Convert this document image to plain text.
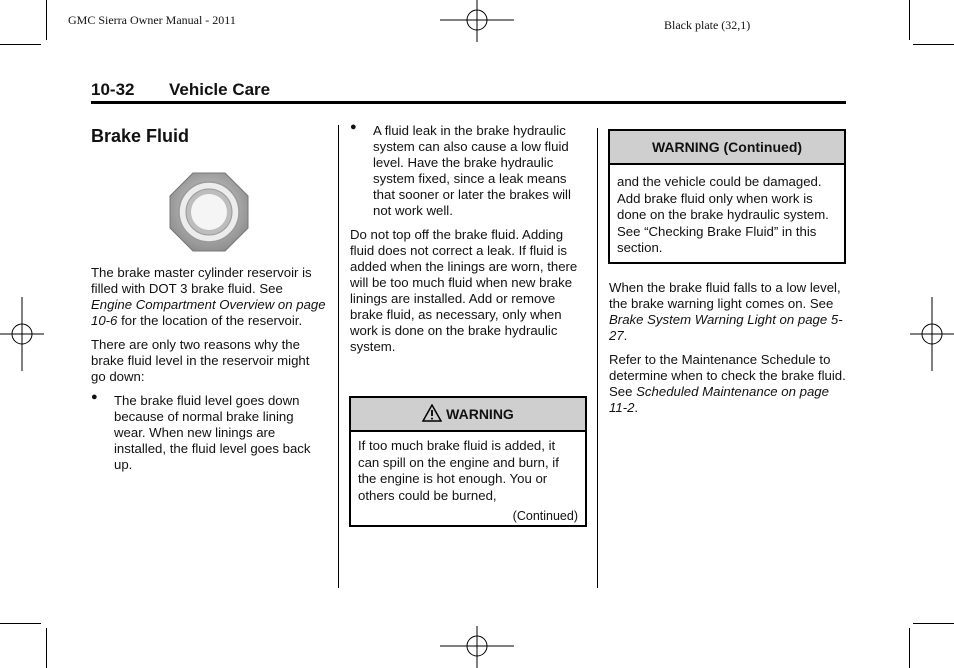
GMC Sierra Owner Manual - 2011	Black plate (32,1)
10-32 Vehicle Care
Brake Fluid

The brake master cylinder reservoir is filled with DOT 3 brake fluid. See Engine Compartment Overview on page 10-6 for the location of the reservoir.

There are only two reasons why the brake fluid level in the reservoir might go down:

● The brake fluid level goes down because of normal brake lining wear. When new linings are installed, the fluid level goes back up.
● A fluid leak in the brake hydraulic system can also cause a low fluid level. Have the brake hydraulic system fixed, since a leak means that sooner or later the brakes will not work well.

Do not top off the brake fluid. Adding fluid does not correct a leak. If fluid is added when the linings are worn, there will be too much fluid when new brake linings are installed. Add or remove brake fluid, as necessary, only when work is done on the brake hydraulic system.

WARNING
If too much brake fluid is added, it can spill on the engine and burn, if the engine is hot enough. You or others could be burned,
(Continued)
WARNING (Continued)
and the vehicle could be damaged. Add brake fluid only when work is done on the brake hydraulic system. See “Checking Brake Fluid” in this section.

When the brake fluid falls to a low level, the brake warning light comes on. See Brake System Warning Light on page 5-27.

Refer to the Maintenance Schedule to determine when to check the brake fluid. See Scheduled Maintenance on page 11-2.
